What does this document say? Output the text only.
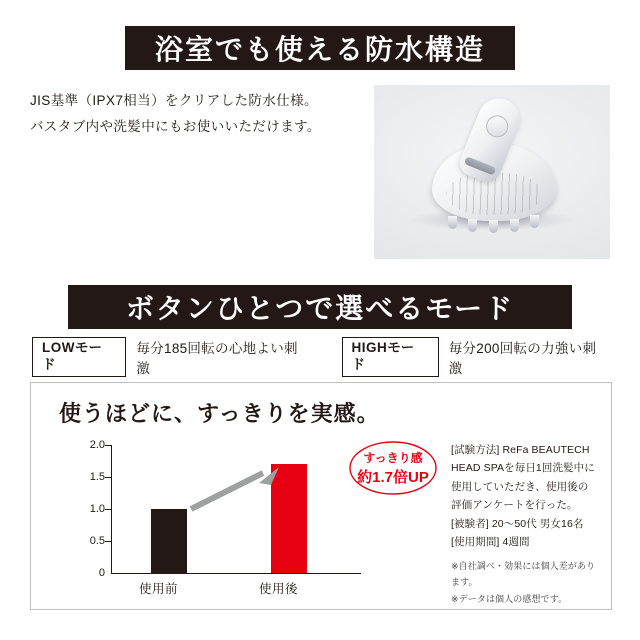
浴室でも使える防水構造
JIS基準（IPX7相当）をクリアした防水仕様。
バスタブ内や洗髪中にもお使いいただけます。
ボタンひとつで選べるモード
LOWモード
毎分185回転の心地よい刺激
HIGHモード
毎分200回転の力強い刺激
使うほどに、すっきりを実感。
2.0
1.5
1.0
0.5
0
すっきり感
約1.7倍UP
使用前	使用後
[試験方法] ReFa BEAUTECH
HEAD SPAを毎日1回洗髪中に
使用していただき、使用後の
評価アンケートを行った。
[被験者] 20〜50代 男女16名
[使用期間] 4週間
※自社調べ・効果には個人差があります。
※データは個人の感想です。
